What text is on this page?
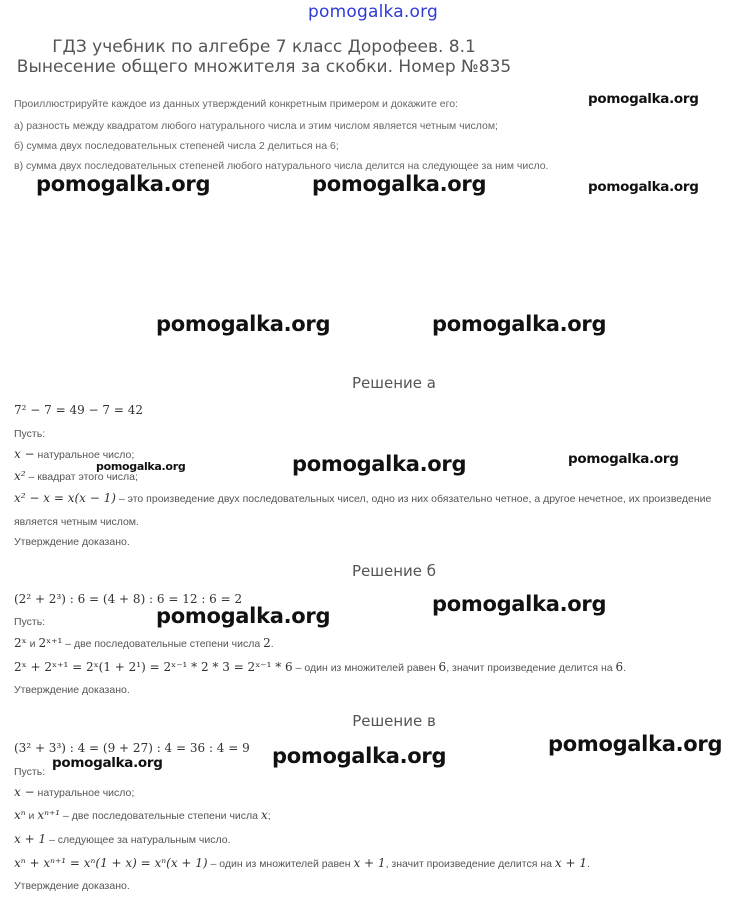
pomogalka.org
ГДЗ учебник по алгебре 7 класс Дорофеев. 8.1 Вынесение общего множителя за скобки. Номер №835
Проиллюстрируйте каждое из данных утверждений конкретным примером и докажите его:
а) разность между квадратом любого натурального числа и этим числом является четным числом;
б) сумма двух последовательных степеней числа 2 делиться на 6;
в) сумма двух последовательных степеней любого натурального числа делится на следующее за ним число.
pomogalka.org
pomogalka.org	pomogalka.org	pomogalka.org
pomogalka.org	pomogalka.org
pomogalka.org	pomogalka.org	pomogalka.org
pomogalka.org	pomogalka.org
pomogalka.org	pomogalka.org	pomogalka.org
Решение а
7² − 7 = 49 − 7 = 42
Пусть:
x − натуральное число;
x² – квадрат этого числа;
x² − x = x(x − 1) – это произведение двух последовательных чисел, одно из них обязательно четное, а другое нечетное, их произведение является четным числом.
Утверждение доказано.
Решение б
(2² + 2³) : 6 = (4 + 8) : 6 = 12 : 6 = 2
Пусть:
2ˣ и 2ˣ⁺¹ – две последовательные степени числа 2.
2ˣ + 2ˣ⁺¹ = 2ˣ(1 + 2¹) = 2ˣ⁻¹ * 2 * 3 = 2ˣ⁻¹ * 6 – один из множителей равен 6, значит произведение делится на 6.
Утверждение доказано.
Решение в
(3² + 3³) : 4 = (9 + 27) : 4 = 36 : 4 = 9
Пусть:
x − натуральное число;
xⁿ и xⁿ⁺¹ – две последовательные степени числа x;
x + 1 – следующее за натуральным число.
xⁿ + xⁿ⁺¹ = xⁿ(1 + x) = xⁿ(x + 1) – один из множителей равен x + 1, значит произведение делится на x + 1.
Утверждение доказано.
